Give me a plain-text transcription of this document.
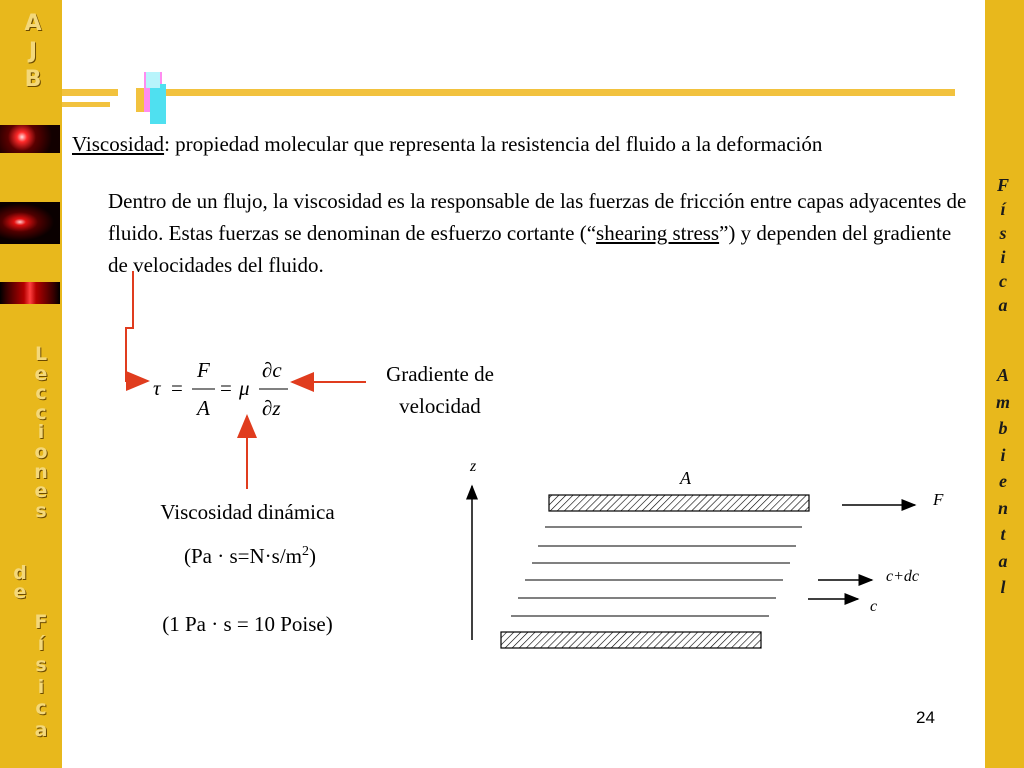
A
J
B
L
e
c
c
i
o
n
e
s
d
e
F
í
s
i
c
a
F
í
s
i
c
a
A
m
b
i
e
n
t
a
l
Viscosidad: propiedad molecular que representa la resistencia del fluido a la deformación
Dentro de un flujo, la viscosidad es la responsable de las fuerzas de fricción entre capas adyacentes de fluido. Estas fuerzas se denominan de esfuerzo cortante (“shearing stress”) y dependen del gradiente de velocidades del fluido.
τ =
F
A
= μ
∂c
∂z
Gradiente de
velocidad
Viscosidad dinámica
$(Pa \cdot s=N\cdot s/m^2)$
(1 Pa · s = 10 Poise)
z
A
F
c+dc
c
24
